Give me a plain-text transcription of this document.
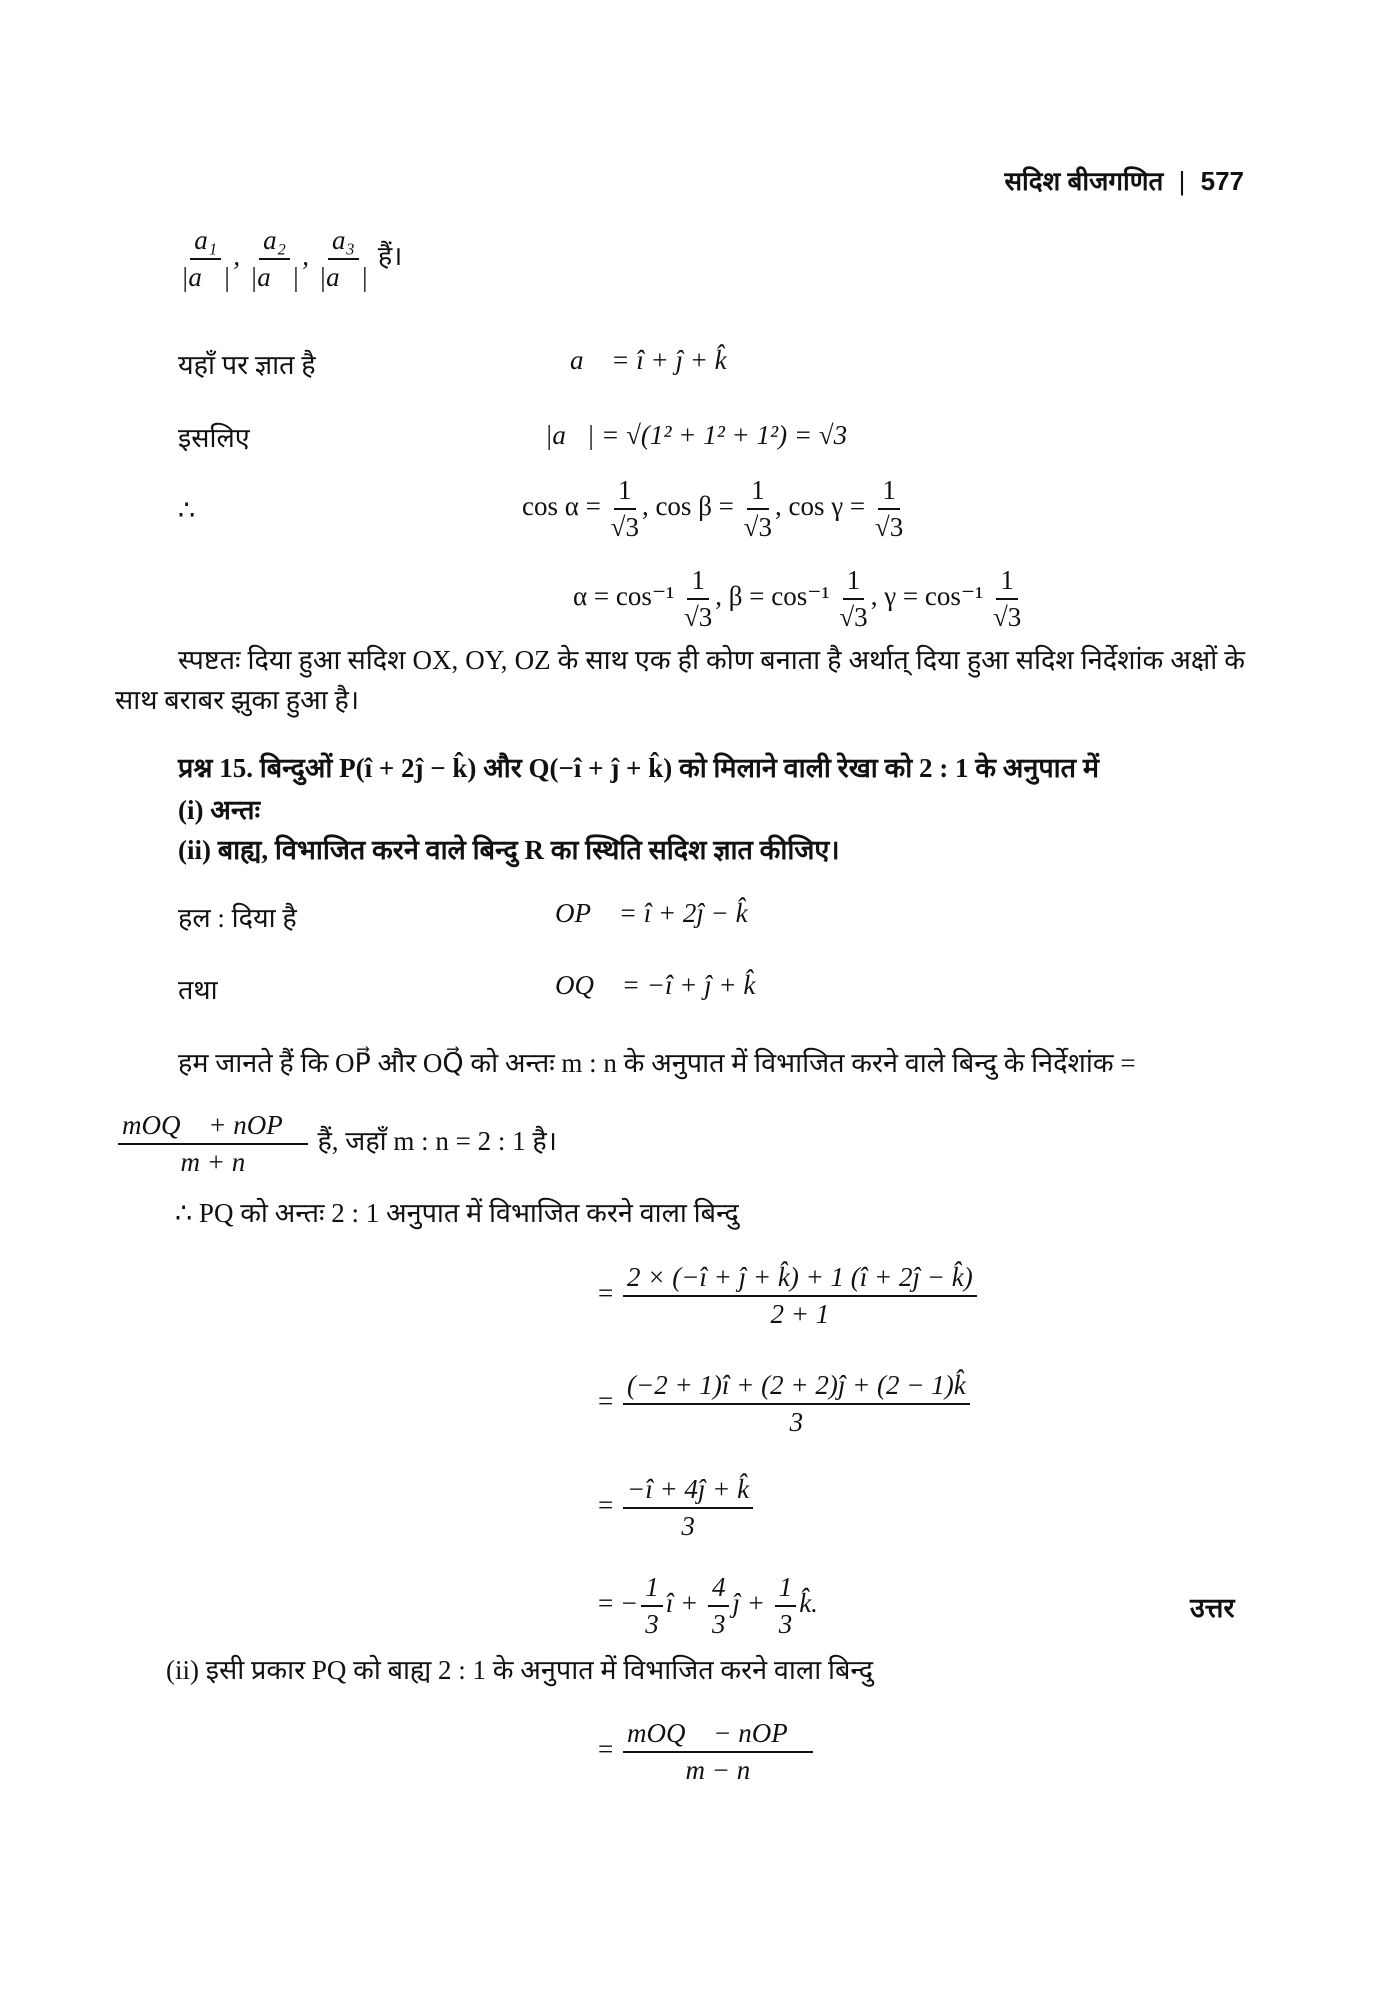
सदिश बीजगणित | 577
$\frac{\text{a₁}}{|a⃗|}$ , $\frac{\text{a₂}}{|a⃗|}$ , $\frac{\text{a₃}}{|a⃗|}$ हैं।
यहाँ पर ज्ञात है	a⃗ = î + ĵ + k̂
इसलिए	|a⃗| = √(1² + 1² + 1²) = √3
∴	$\cos \alpha = \frac{1}{√3}$ , $\cos \beta = \frac{1}{√3}$ , $\cos \gamma = \frac{1}{√3}$
$\alpha = \cos^{-1} \frac{1}{√3}$ , $\beta = \cos^{-1} \frac{1}{√3}$ , $\gamma = \cos^{-1} \frac{1}{√3}$
स्पष्टतः दिया हुआ सदिश OX, OY, OZ के साथ एक ही कोण बनाता है अर्थात् दिया हुआ सदिश निर्देशांक अक्षों के साथ बराबर झुका हुआ है।
प्रश्न 15. बिन्दुओं P(î + 2ĵ − k̂) और Q(−î + ĵ + k̂) को मिलाने वाली रेखा को 2 : 1 के अनुपात में
(i) अन्तः
(ii) बाह्य, विभाजित करने वाले बिन्दु R का स्थिति सदिश ज्ञात कीजिए।
हल : दिया है	OP⃗ = î + 2ĵ − k̂
तथा	OQ⃗ = −î + ĵ + k̂
हम जानते हैं कि OP⃗ और OQ⃗ को अन्तः m : n के अनुपात में विभाजित करने वाले बिन्दु के निर्देशांक =
$\frac{\text{mOQ⃗ + nOP⃗}}{m + n}$ हैं, जहाँ m : n = 2 : 1 है।
∴ PQ को अन्तः 2 : 1 अनुपात में विभाजित करने वाला बिन्दु
= $\frac{2 \times (-î + ĵ + k̂) + 1 (î + 2ĵ - k̂)}{2 + 1}$
= $\frac{(-2 + 1)î + (2 + 2)ĵ + (2 - 1)k̂}{3}$
= $\frac{-î + 4ĵ + k̂}{3}$
= − $\frac{1}{3}$ î + $\frac{4}{3}$ ĵ + $\frac{1}{3}$ k̂.	उत्तर
(ii) इसी प्रकार PQ को बाह्य 2 : 1 के अनुपात में विभाजित करने वाला बिन्दु
= $\frac{\text{mOQ⃗ − nOP⃗}}{m - n}$
